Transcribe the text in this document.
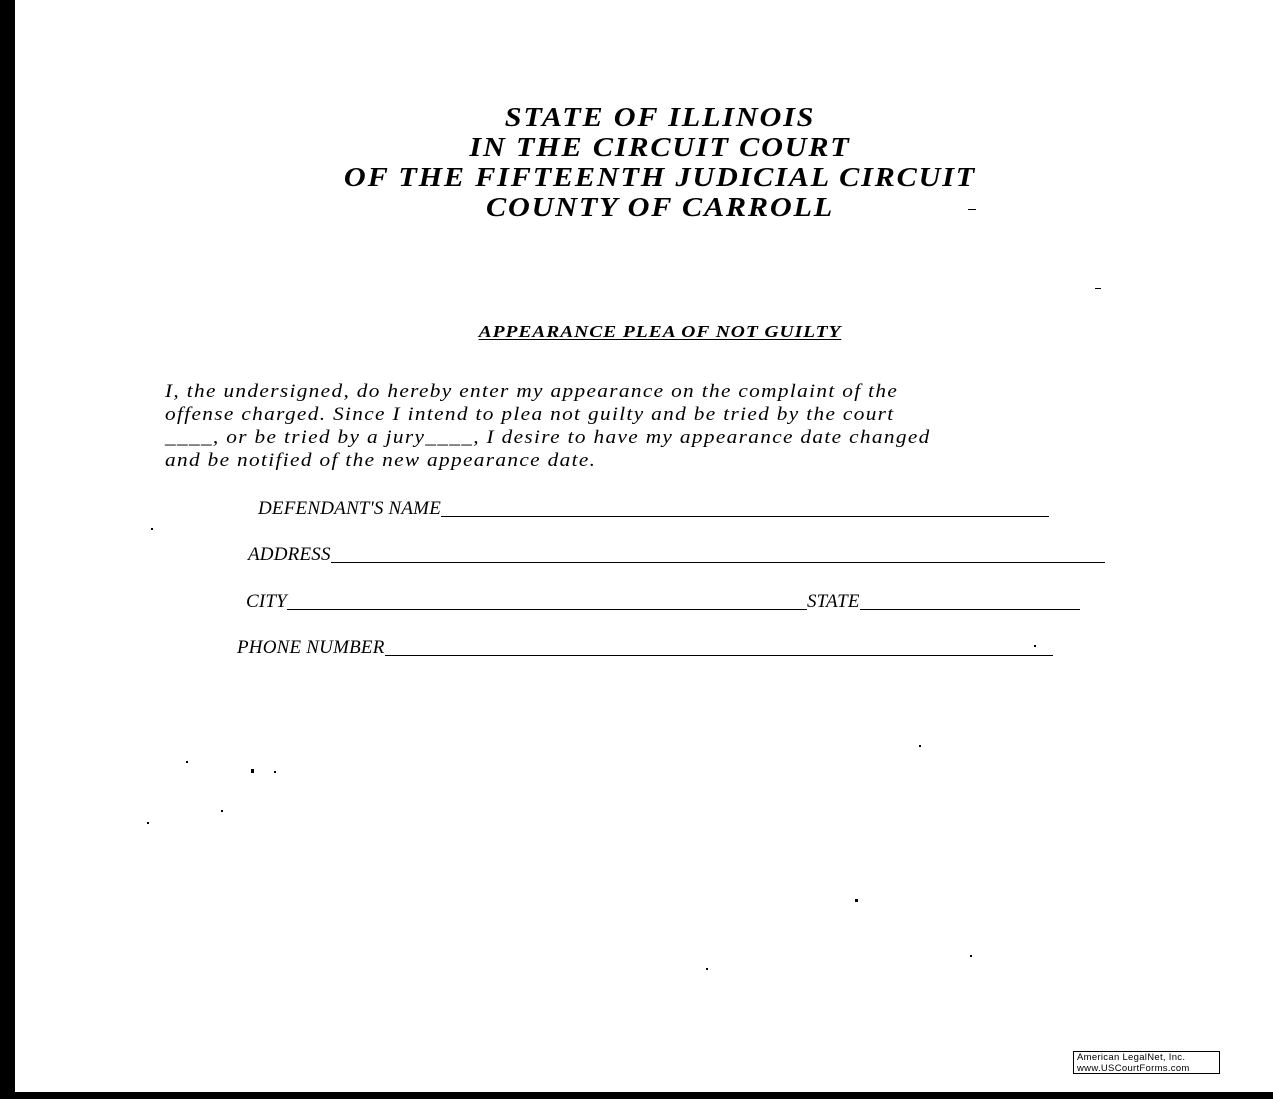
STATE OF ILLINOIS
IN THE CIRCUIT COURT
OF THE FIFTEENTH JUDICIAL CIRCUIT
COUNTY OF CARROLL
APPEARANCE PLEA OF NOT GUILTY
I, the undersigned, do hereby enter my appearance on the complaint of the
offense charged. Since I intend to plea not guilty and be tried by the court
____, or be tried by a jury____, I desire to have my appearance date changed
and be notified of the new appearance date.
DEFENDANT'S NAME
ADDRESS
CITY	STATE
PHONE NUMBER
American LegalNet, Inc.
www.USCourtForms.com
